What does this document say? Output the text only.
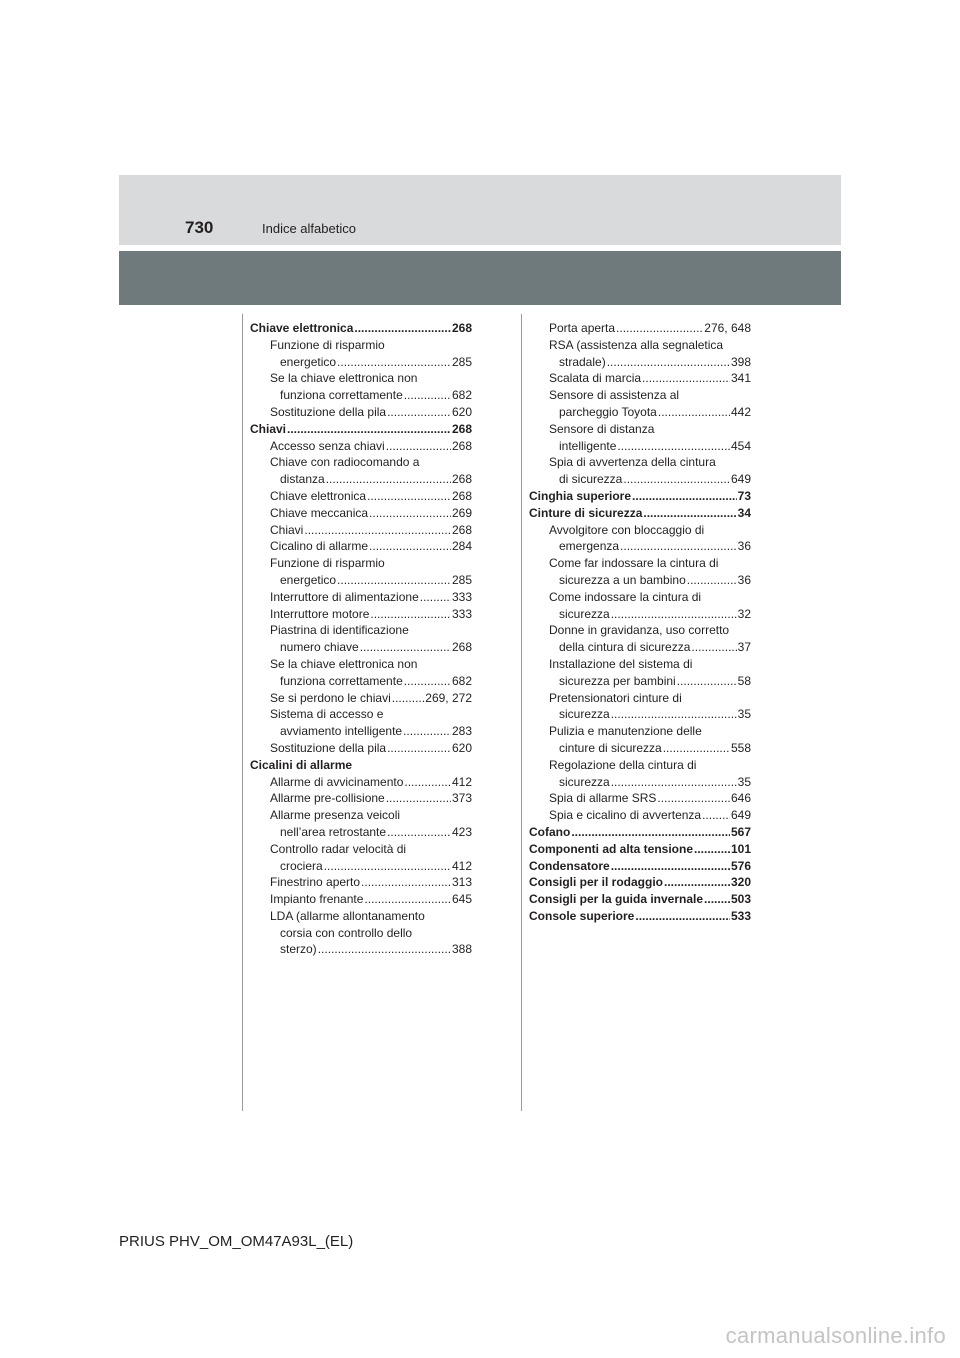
730	Indice alfabetico
Chiave elettronica .....	268
Funzione di risparmio
energetico .....	285
Se la chiave elettronica non
funziona correttamente .....	682
Sostituzione della pila .....	620
Chiavi .....	268
Accesso senza chiavi .....	268
Chiave con radiocomando a
distanza .....	268
Chiave elettronica .....	268
Chiave meccanica .....	269
Chiavi .....	268
Cicalino di allarme .....	284
Funzione di risparmio
energetico .....	285
Interruttore di alimentazione .....	333
Interruttore motore .....	333
Piastrina di identificazione
numero chiave .....	268
Se la chiave elettronica non
funziona correttamente .....	682
Se si perdono le chiavi .....	269, 272
Sistema di accesso e
avviamento intelligente .....	283
Sostituzione della pila .....	620
Cicalini di allarme
Allarme di avvicinamento .....	412
Allarme pre-collisione .....	373
Allarme presenza veicoli
nell’area retrostante .....	423
Controllo radar velocità di
crociera .....	412
Finestrino aperto .....	313
Impianto frenante .....	645
LDA (allarme allontanamento
corsia con controllo dello
sterzo) .....	388
Porta aperta .....	276, 648
RSA (assistenza alla segnaletica
stradale) .....	398
Scalata di marcia .....	341
Sensore di assistenza al
parcheggio Toyota .....	442
Sensore di distanza
intelligente .....	454
Spia di avvertenza della cintura
di sicurezza .....	649
Cinghia superiore .....	73
Cinture di sicurezza .....	34
Avvolgitore con bloccaggio di
emergenza .....	36
Come far indossare la cintura di
sicurezza a un bambino .....	36
Come indossare la cintura di
sicurezza .....	32
Donne in gravidanza, uso corretto
della cintura di sicurezza .....	37
Installazione del sistema di
sicurezza per bambini .....	58
Pretensionatori cinture di
sicurezza .....	35
Pulizia e manutenzione delle
cinture di sicurezza .....	558
Regolazione della cintura di
sicurezza .....	35
Spia di allarme SRS .....	646
Spia e cicalino di avvertenza ..... 649
Cofano .....	567
Componenti ad alta tensione .....	101
Condensatore .....	576
Consigli per il rodaggio .....	320
Consigli per la guida invernale ..... 503
Console superiore .....	533
PRIUS PHV_OM_OM47A93L_(EL)
carmanualsonline.info
